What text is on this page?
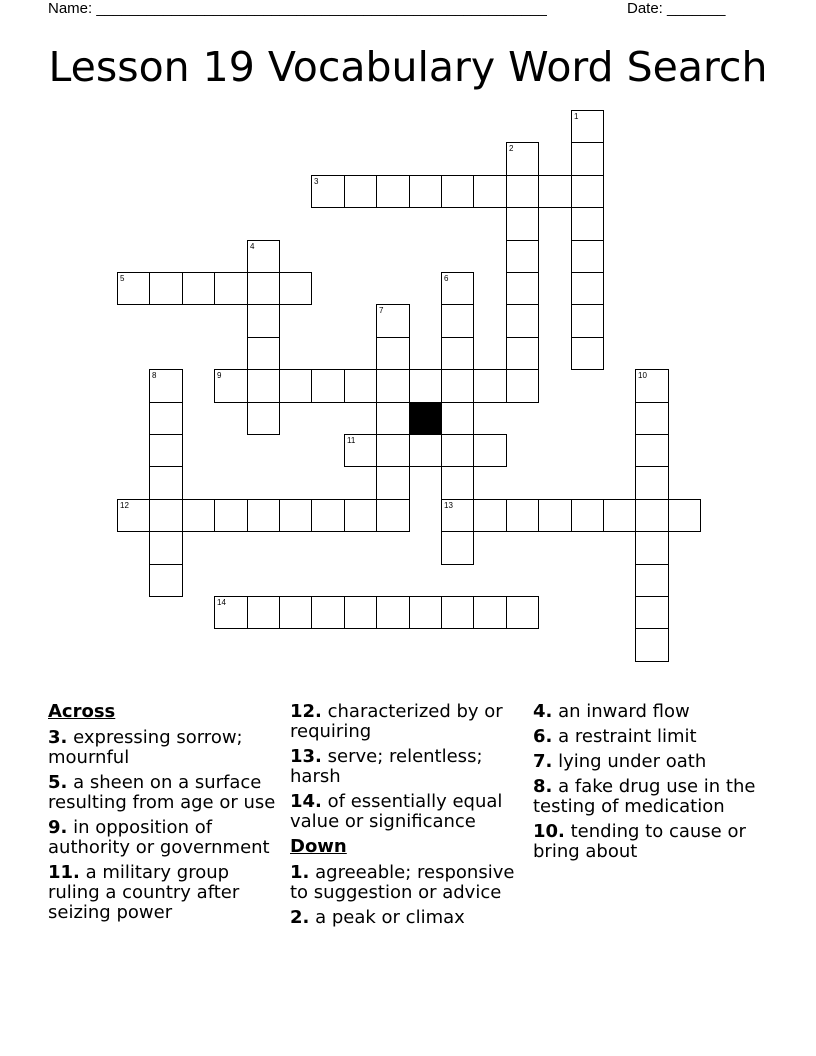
Name: ______________________________________________________	Date: _______
Lesson 19 Vocabulary Word Search
1
2
3
4
5	6
13
7
8	9	10
11
12
14
Across
3. expressing sorrow; mournful
5. a sheen on a surface resulting from age or use
9. in opposition of authority or government
11. a military group ruling a country after seizing power
12. characterized by or requiring
13. serve; relentless; harsh
14. of essentially equal value or significance
Down
1. agreeable; responsive to suggestion or advice
2. a peak or climax
4. an inward flow
6. a restraint limit
7. lying under oath
8. a fake drug use in the testing of medication
10. tending to cause or bring about
